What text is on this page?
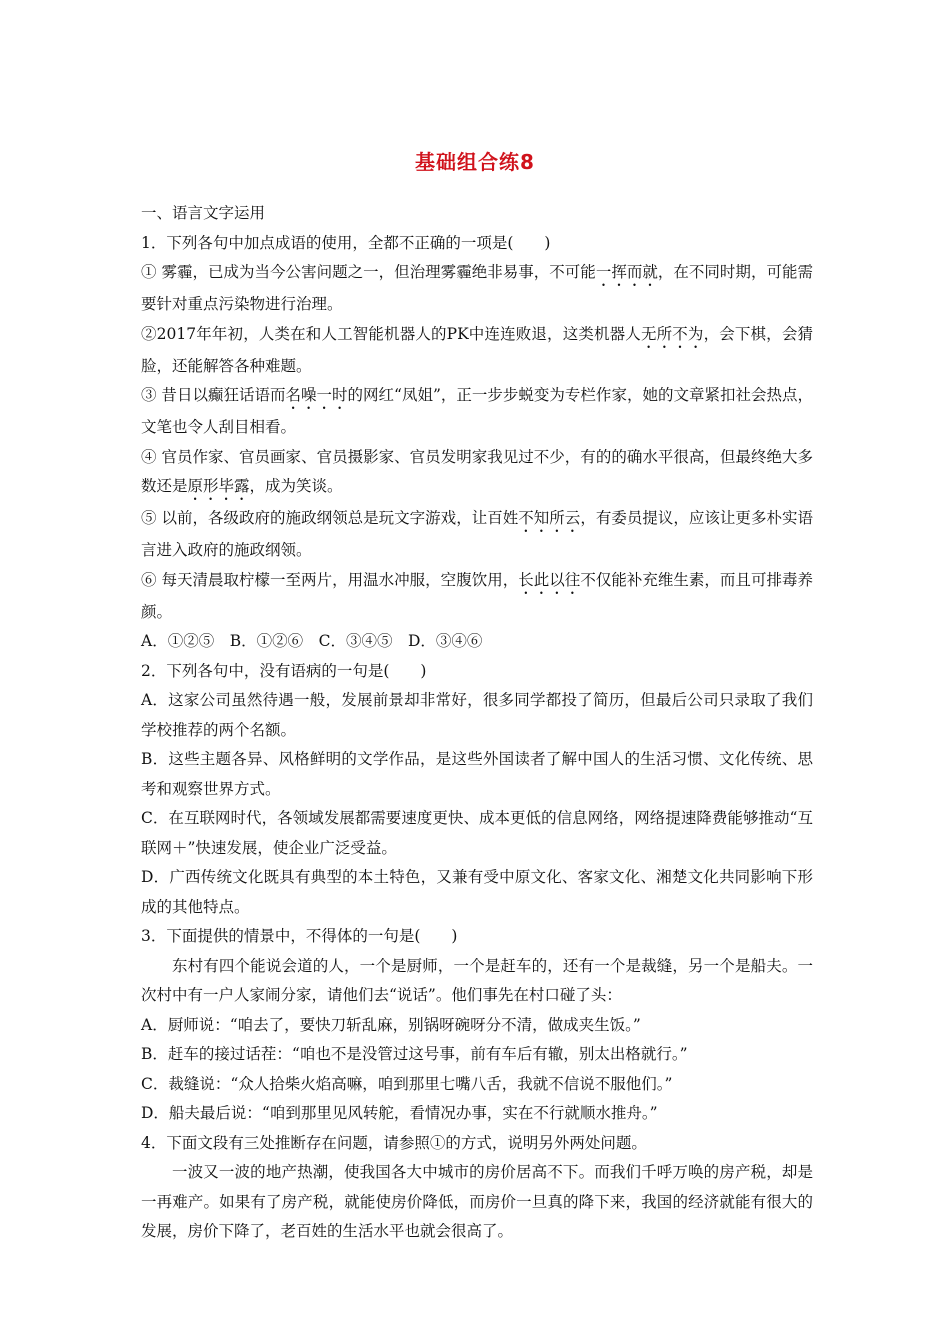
基础组合练8

一、语言文字运用

1．下列各句中加点成语的使用，全都不正确的一项是(　　)

① 雾霾，已成为当今公害问题之一，但治理雾霾绝非易事，不可能一挥而就，在不同时期，可能需要针对重点污染物进行治理。

②2017年年初，人类在和人工智能机器人的PK中连连败退，这类机器人无所不为，会下棋，会猜脸，还能解答各种难题。

③ 昔日以癫狂话语而名噪一时的网红“凤姐”，正一步步蜕变为专栏作家，她的文章紧扣社会热点，文笔也令人刮目相看。

④ 官员作家、官员画家、官员摄影家、官员发明家我见过不少，有的的确水平很高，但最终绝大多数还是原形毕露，成为笑谈。

⑤ 以前，各级政府的施政纲领总是玩文字游戏，让百姓不知所云，有委员提议，应该让更多朴实语言进入政府的施政纲领。

⑥ 每天清晨取柠檬一至两片，用温水冲服，空腹饮用，长此以往不仅能补充维生素，而且可排毒养颜。

A．①②⑤　B．①②⑥　C．③④⑤　D．③④⑥

2．下列各句中，没有语病的一句是(　　)

A．这家公司虽然待遇一般，发展前景却非常好，很多同学都投了简历，但最后公司只录取了我们学校推荐的两个名额。

B．这些主题各异、风格鲜明的文学作品，是这些外国读者了解中国人的生活习惯、文化传统、思考和观察世界方式。

C．在互联网时代，各领域发展都需要速度更快、成本更低的信息网络，网络提速降费能够推动“互联网＋”快速发展，使企业广泛受益。

D．广西传统文化既具有典型的本土特色，又兼有受中原文化、客家文化、湘楚文化共同影响下形成的其他特点。

3．下面提供的情景中，不得体的一句是(　　)

东村有四个能说会道的人，一个是厨师，一个是赶车的，还有一个是裁缝，另一个是船夫。一次村中有一户人家闹分家，请他们去“说话”。他们事先在村口碰了头：

A．厨师说：“咱去了，要快刀斩乱麻，别锅呀碗呀分不清，做成夹生饭。”

B．赶车的接过话茬：“咱也不是没管过这号事，前有车后有辙，别太出格就行。”

C．裁缝说：“众人拾柴火焰高嘛，咱到那里七嘴八舌，我就不信说不服他们。”

D．船夫最后说：“咱到那里见风转舵，看情况办事，实在不行就顺水推舟。”

4．下面文段有三处推断存在问题，请参照①的方式，说明另外两处问题。

一波又一波的地产热潮，使我国各大中城市的房价居高不下。而我们千呼万唤的房产税，却是一再难产。如果有了房产税，就能使房价降低，而房价一旦真的降下来，我国的经济就能有很大的发展，房价下降了，老百姓的生活水平也就会很高了。
